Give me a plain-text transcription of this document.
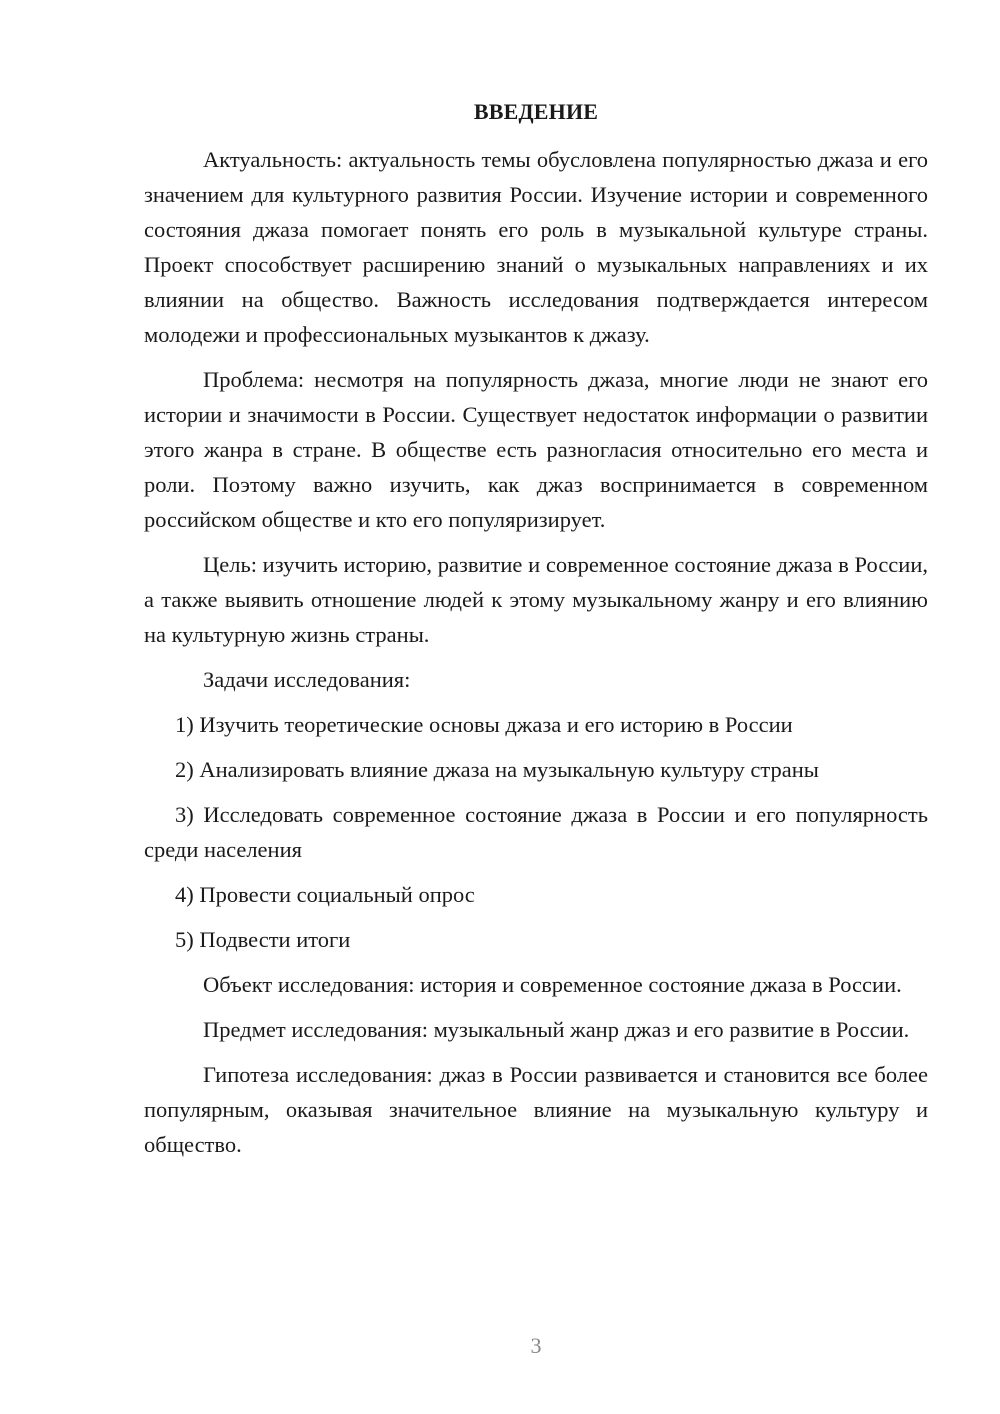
ВВЕДЕНИЕ

Актуальность: актуальность темы обусловлена популярностью джаза и его значением для культурного развития России. Изучение истории и современного состояния джаза помогает понять его роль в музыкальной культуре страны. Проект способствует расширению знаний о музыкальных направлениях и их влиянии на общество. Важность исследования подтверждается интересом молодежи и профессиональных музыкантов к джазу.

Проблема: несмотря на популярность джаза, многие люди не знают его истории и значимости в России. Существует недостаток информации о развитии этого жанра в стране. В обществе есть разногласия относительно его места и роли. Поэтому важно изучить, как джаз воспринимается в современном российском обществе и кто его популяризирует.

Цель: изучить историю, развитие и современное состояние джаза в России, а также выявить отношение людей к этому музыкальному жанру и его влиянию на культурную жизнь страны.

Задачи исследования:

1) Изучить теоретические основы джаза и его историю в России

2) Анализировать влияние джаза на музыкальную культуру страны

3) Исследовать современное состояние джаза в России и его популярность среди населения

4) Провести социальный опрос

5) Подвести итоги

Объект исследования: история и современное состояние джаза в России.

Предмет исследования: музыкальный жанр джаз и его развитие в России.

Гипотеза исследования: джаз в России развивается и становится все более популярным, оказывая значительное влияние на музыкальную культуру и общество.

3
